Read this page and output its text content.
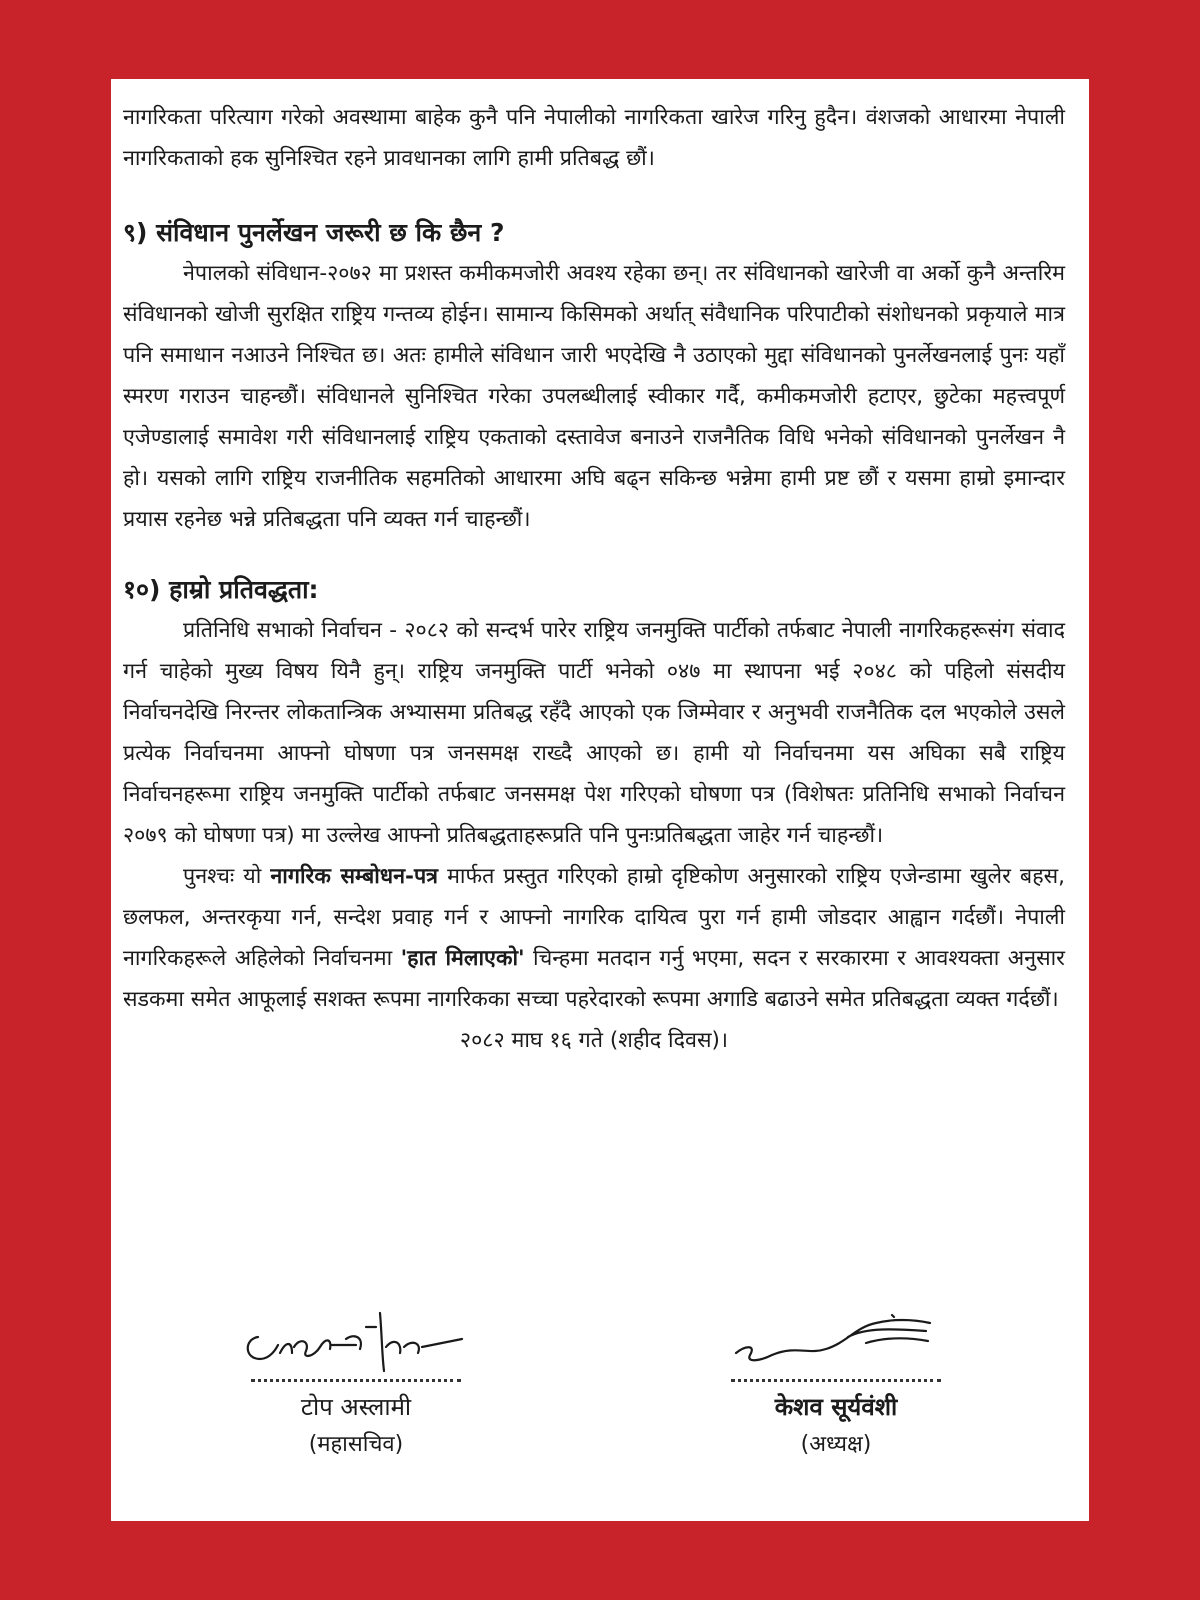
नागरिकता परित्याग गरेको अवस्थामा बाहेक कुनै पनि नेपालीको नागरिकता खारेज गरिनु हुदैन। वंशजको आधारमा नेपाली नागरिकताको हक सुनिश्चित रहने प्रावधानका लागि हामी प्रतिबद्ध छौं।

९) संविधान पुनर्लेखन जरूरी छ कि छैन ?

नेपालको संविधान-२०७२ मा प्रशस्त कमीकमजोरी अवश्य रहेका छन्। तर संविधानको खारेजी वा अर्को कुनै अन्तरिम संविधानको खोजी सुरक्षित राष्ट्रिय गन्तव्य होईन। सामान्य किसिमको अर्थात् संवैधानिक परिपाटीको संशोधनको प्रकृयाले मात्र पनि समाधान नआउने निश्चित छ। अतः हामीले संविधान जारी भएदेखि नै उठाएको मुद्दा संविधानको पुनर्लेखनलाई पुनः यहाँ स्मरण गराउन चाहन्छौं। संविधानले सुनिश्चित गरेका उपलब्धीलाई स्वीकार गर्दै, कमीकमजोरी हटाएर, छुटेका महत्त्वपूर्ण एजेण्डालाई समावेश गरी संविधानलाई राष्ट्रिय एकताको दस्तावेज बनाउने राजनैतिक विधि भनेको संविधानको पुनर्लेखन नै हो। यसको लागि राष्ट्रिय राजनीतिक सहमतिको आधारमा अघि बढ्न सकिन्छ भन्नेमा हामी प्रष्ट छौं र यसमा हाम्रो इमान्दार प्रयास रहनेछ भन्ने प्रतिबद्धता पनि व्यक्त गर्न चाहन्छौं।

१०) हाम्रो प्रतिवद्धता:

प्रतिनिधि सभाको निर्वाचन - २०८२ को सन्दर्भ पारेर राष्ट्रिय जनमुक्ति पार्टीको तर्फबाट नेपाली नागरिकहरूसंग संवाद गर्न चाहेको मुख्य विषय यिनै हुन्। राष्ट्रिय जनमुक्ति पार्टी भनेको ०४७ मा स्थापना भई २०४८ को पहिलो संसदीय निर्वाचनदेखि निरन्तर लोकतान्त्रिक अभ्यासमा प्रतिबद्ध रहँदै आएको एक जिम्मेवार र अनुभवी राजनैतिक दल भएकोले उसले प्रत्येक निर्वाचनमा आफ्नो घोषणा पत्र जनसमक्ष राख्दै आएको छ। हामी यो निर्वाचनमा यस अघिका सबै राष्ट्रिय निर्वाचनहरूमा राष्ट्रिय जनमुक्ति पार्टीको तर्फबाट जनसमक्ष पेश गरिएको घोषणा पत्र (विशेषतः प्रतिनिधि सभाको निर्वाचन २०७९ को घोषणा पत्र) मा उल्लेख आफ्नो प्रतिबद्धताहरूप्रति पनि पुनःप्रतिबद्धता जाहेर गर्न चाहन्छौं।

पुनश्चः यो नागरिक सम्बोधन-पत्र मार्फत प्रस्तुत गरिएको हाम्रो दृष्टिकोण अनुसारको राष्ट्रिय एजेन्डामा खुलेर बहस, छलफल, अन्तरकृया गर्न, सन्देश प्रवाह गर्न र आफ्नो नागरिक दायित्व पुरा गर्न हामी जोडदार आह्वान गर्दछौं। नेपाली नागरिकहरूले अहिलेको निर्वाचनमा 'हात मिलाएको' चिन्हमा मतदान गर्नु भएमा, सदन र सरकारमा र आवश्यक्ता अनुसार सडकमा समेत आफूलाई सशक्त रूपमा नागरिकका सच्चा पहरेदारको रूपमा अगाडि बढाउने समेत प्रतिबद्धता व्यक्त गर्दछौं।

२०८२ माघ १६ गते (शहीद दिवस)।

टोप अस्लामी

(महासचिव)

केशव सूर्यवंशी

(अध्यक्ष)
